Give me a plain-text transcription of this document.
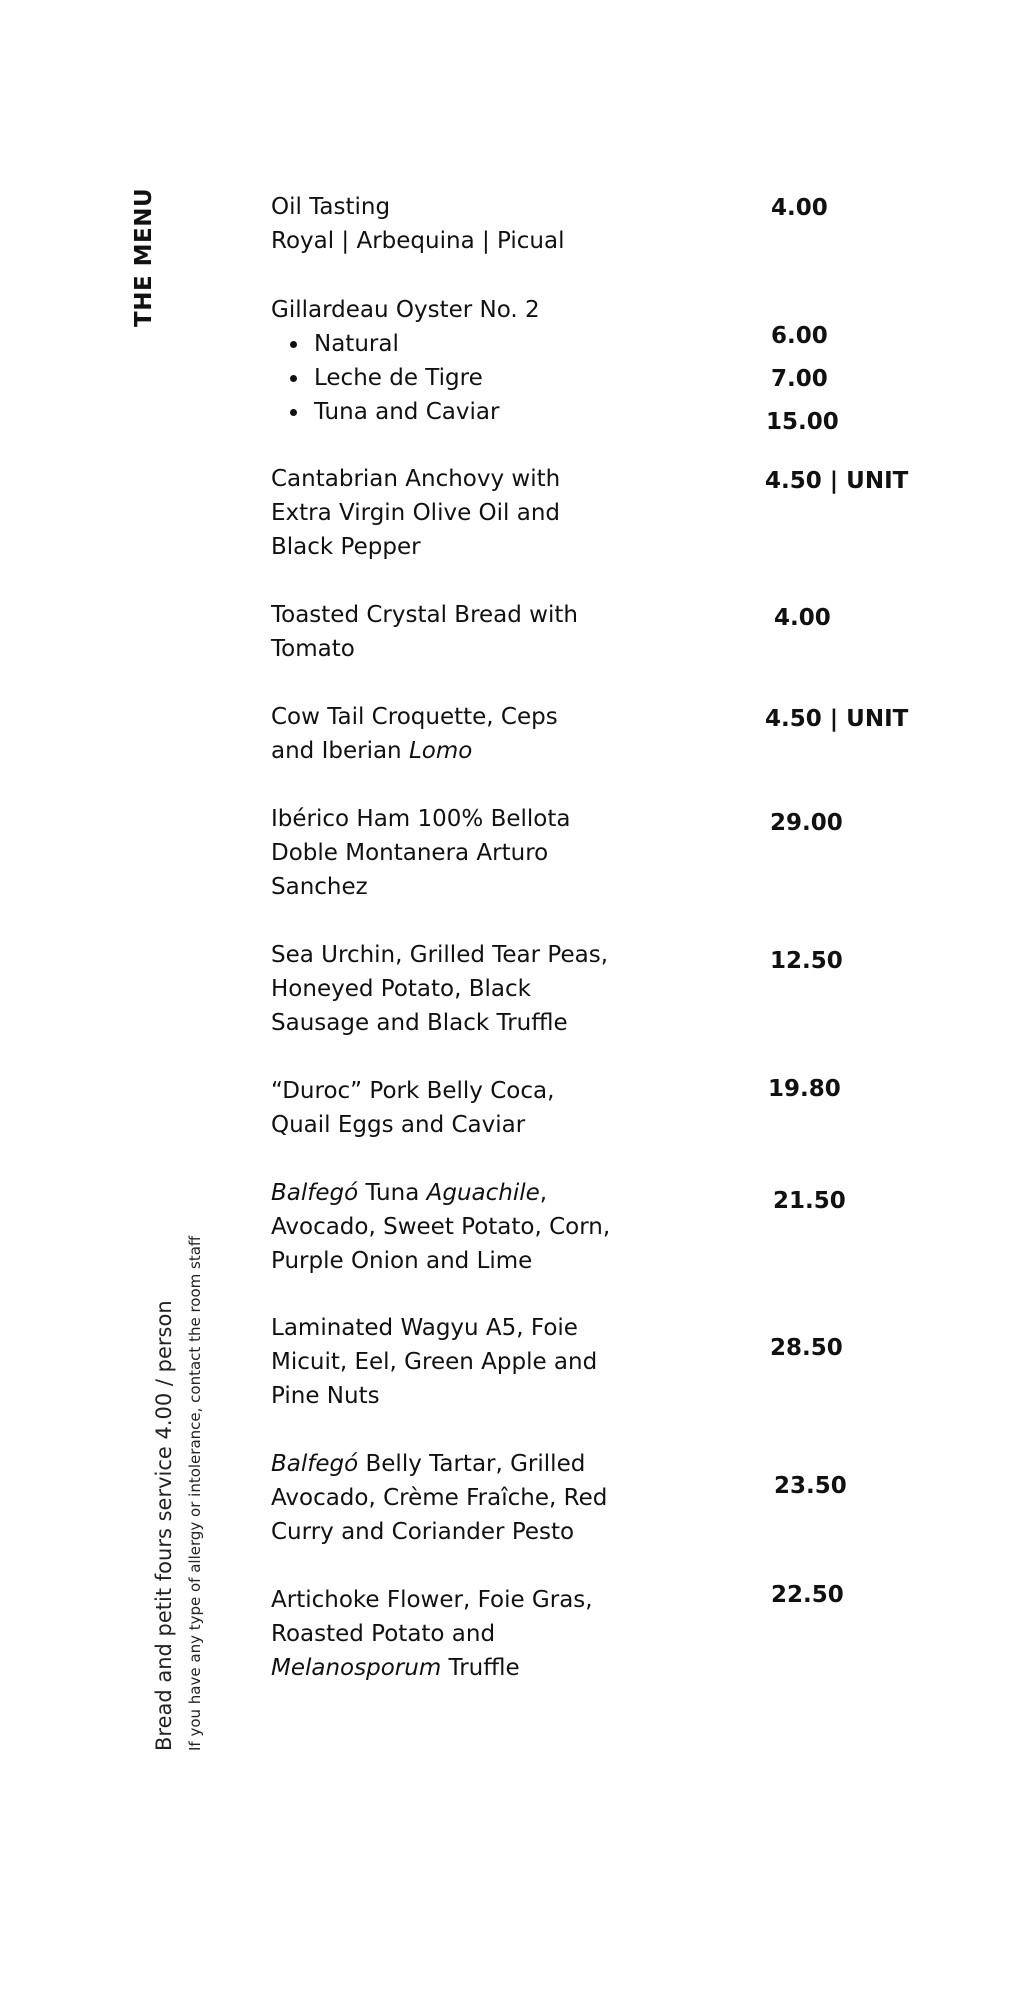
THE MENU
Bread and petit fours service 4.00 / person If you have any type of allergy or intolerance, contact the room staff
Oil Tasting
Royal | Arbequina | Picual
Gillardeau Oyster No. 2
Natural
Leche de Tigre
Tuna and Caviar
Cantabrian Anchovy with
Extra Virgin Olive Oil and
Black Pepper
Toasted Crystal Bread with
Tomato
Cow Tail Croquette, Ceps
and Iberian Lomo
Ibérico Ham 100% Bellota
Doble Montanera Arturo
Sanchez
Sea Urchin, Grilled Tear Peas,
Honeyed Potato, Black
Sausage and Black Truffle
“Duroc” Pork Belly Coca,
Quail Eggs and Caviar
Balfegó Tuna Aguachile,
Avocado, Sweet Potato, Corn,
Purple Onion and Lime
Laminated Wagyu A5, Foie
Micuit, Eel, Green Apple and
Pine Nuts
Balfegó Belly Tartar, Grilled
Avocado, Crème Fraîche, Red
Curry and Coriander Pesto
Artichoke Flower, Foie Gras,
Roasted Potato and
Melanosporum Truffle
4.00
6.00
7.00
15.00
4.50 | UNIT
4.00
4.50 | UNIT
29.00
12.50
19.80
21.50
28.50
23.50
22.50
